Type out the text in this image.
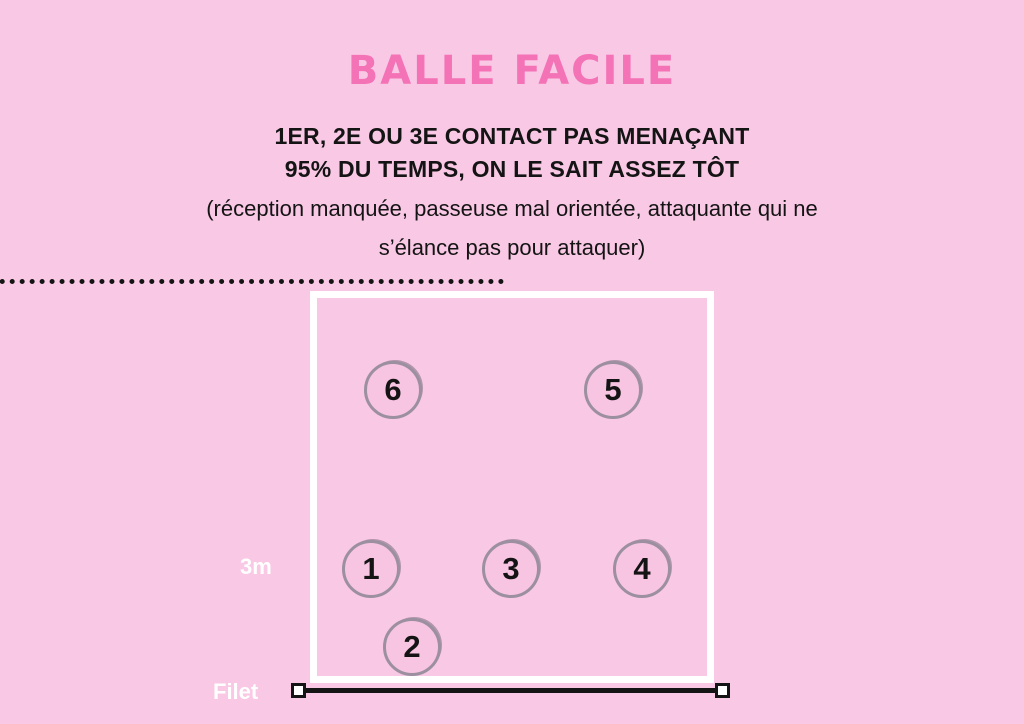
BALLE FACILE
1ER, 2E OU 3E CONTACT PAS MENAÇANT
95% DU TEMPS, ON LE SAIT ASSEZ TÔT
(réception manquée, passeuse mal orientée, attaquante qui ne
s’élance pas pour attaquer)
3m
Filet
6	5
1	3	4
2
